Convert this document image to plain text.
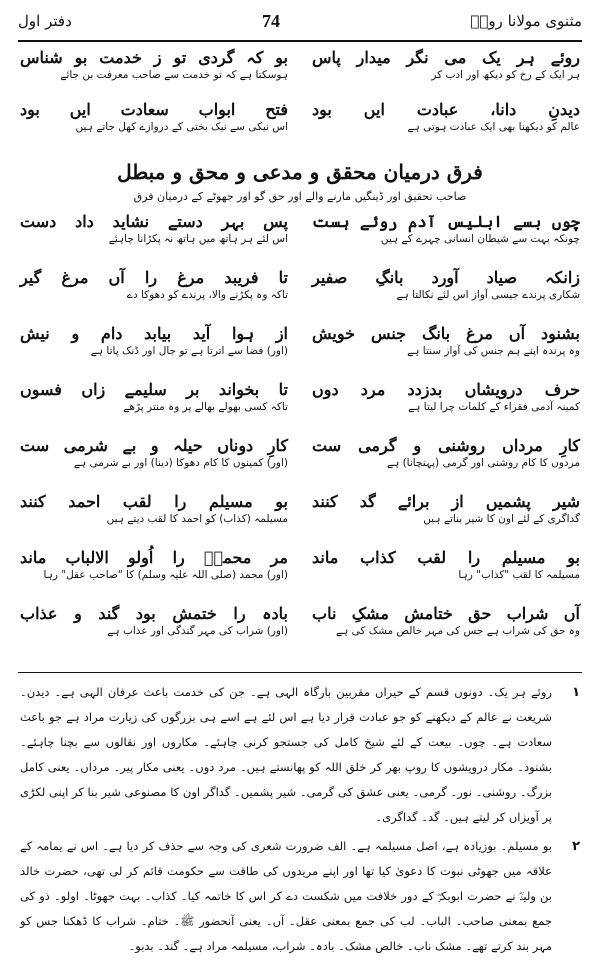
مثنوی مولانا رومؒ
74
دفتر اول
روئے ہر یک می نگر میدار پاس
ہر ایک کے رخ کو دیکھ اور ادب کر
دیدنِ دانا، عبادت ایں بود
عالم کو دیکھنا بھی ایک عبادت ہوتی ہے
بو کہ گردی تو ز خدمت بو شناس
ہوسکتا ہے کہ تو خدمت سے صاحب معرفت بن جائے
فتح ابواب سعادت ایں بود
اس نیکی سے نیک بختی کے دروازے کھل جاتے ہیں
فرق درمیان محقق و مدعی و محق و مبطل
صاحب تحقیق اور ڈینگیں مارنے والے اور حق گو اور جھوٹے کے درمیان فرق
چوں بسے ابلیس آدم روئے ہست
چونکہ بہت سے شیطان انسانی چہرے کے ہیں
زانکہ صیاد آورد بانگِ صفیر
شکاری پرندے جیسی آواز اس لئے نکالتا ہے
بشنود آں مرغ بانگ جنس خویش
وہ پرندہ اپنے ہم جنس کی آواز سنتا ہے
حرف درویشاں بدزدد مرد دوں
کمینہ آدمی فقراء کے کلمات چرا لیتا ہے
کارِ مرداں روشنی و گرمی ست
مردوں کا کام روشنی اور گرمی (پہنچانا) ہے
شیر پشمیں از برائے گد کنند
گداگری کے لئے اون کا شیر بناتے ہیں
بو مسیلم را لقب کذاب ماند
مسیلمہ کا لقب "کذاب" رہا
آں شراب حق ختامش مشکِ ناب
وہ حق کی شراب ہے جس کی مہر خالص مشک کی ہے
پس بہر دستے نشاید داد دست
اس لئے ہر ہاتھ میں ہاتھ نہ پکڑانا چاہئے
تا فریبد مرغ را آں مرغ گیر
تاکہ وہ پکڑنے والا، پرندے کو دھوکا دے
از ہوا آید بیابد دام و نیش
(اور) فضا سے اترتا ہے تو جال اور ڈنک پاتا ہے
تا بخواند بر سلیمے زاں فسوں
تاکہ کسی بھولے بھالے پر وہ منتر پڑھے
کارِ دوناں حیلہ و بے شرمی ست
(اور) کمینوں کا کام دھوکا (دینا) اور بے شرمی ہے
بو مسیلم را لقب احمد کنند
مسیلمہ (کذاب) کو احمد کا لقب دیتے ہیں
مر محمدؐ را اُولو الالباب ماند
(اور) محمد (صلی اللہ علیہ وسلم) کا "صاحب عقل" رہا
بادہ را ختمش بود گند و عذاب
(اور) شراب کی مہر گندگی اور عذاب ہے
۱
روئے ہر یک۔ دونوں قسم کے حیراں مقربین بارگاہ الہی ہے۔ جن کی خدمت باعث عرفان الہی ہے۔ دیدن۔ شریعت نے عالم کے دیکھنے کو جو عبادت قرار دیا ہے اس لئے ہے اسے ہی بزرگوں کی زیارت مراد ہے جو باعث سعادت ہے۔ چوں۔ بیعت کے لئے شیخ کامل کی جستجو کرنی چاہئے۔ مکاروں اور نقالوں سے بچنا چاہئے۔ بشنود۔ مکار درویشوں کا روپ بھر کر خلق اللہ کو پھانستے ہیں۔ مرد دوں۔ یعنی مکار پیر۔ مرداں۔ یعنی کامل بزرگ۔ روشنی۔ نور۔ گرمی۔ یعنی عشق کی گرمی۔ شیر پشمیں۔ گداگر اون کا مصنوعی شیر بنا کر اپنی لکڑی پر آویزاں کر لیتے ہیں۔ گد۔ گداگری۔
۲
بو مسیلم۔ بوزیادہ ہے، اصل مسیلمہ ہے۔ الف ضرورت شعری کی وجہ سے حذف کر دیا ہے۔ اس نے یمامہ کے علاقہ میں جھوٹی نبوت کا دعویٰ کیا تھا اور اپنے مریدوں کی طاقت سے حکومت قائم کر لی تھی، حضرت خالد بن ولیدؓ نے حضرت ابوبکرؓ کے دور خلافت میں شکست دے کر اس کا خاتمہ کیا۔ کذاب۔ بہت جھوٹا۔ اولو۔ ذو کی جمع بمعنی صاحب۔ الباب۔ لب کی جمع بمعنی عقل۔ آں۔ یعنی آنحضور ﷺ۔ ختام۔ شراب کا ڈھکنا جس کو مہر بند کرتے تھے۔ مشک ناب۔ خالص مشک۔ بادہ۔ شراب، مسیلمہ مراد ہے۔ گند۔ بدبو۔
